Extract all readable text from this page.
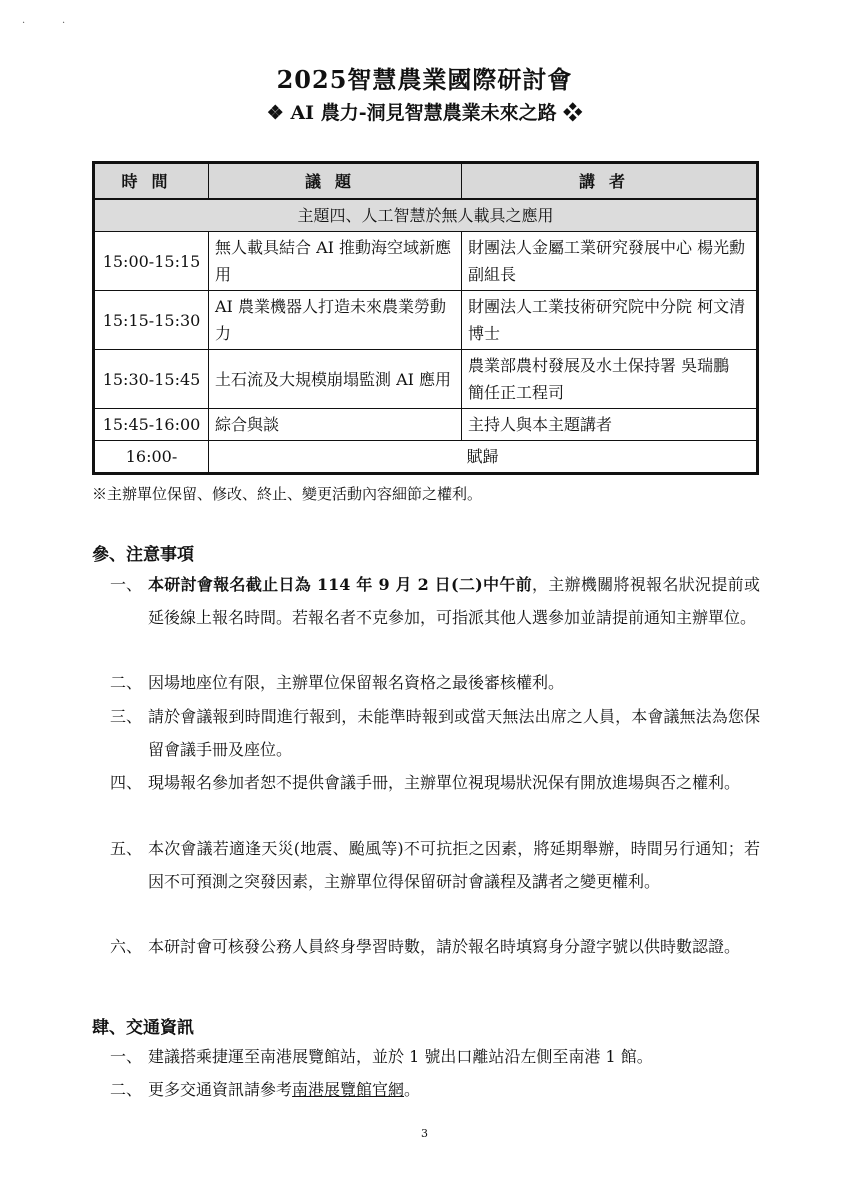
·	·
2025智慧農業國際研討會
❖ AI 農力-洞見智慧農業未來之路 ❖
時間	議題	講者
主題四、人工智慧於無人載具之應用		
15:00-15:15	無人載具結合 AI 推動海空域新應用	財團法人金屬工業研究發展中心 楊光勳　副組長
15:15-15:30	AI 農業機器人打造未來農業勞動力	財團法人工業技術研究院中分院 柯文清　博士
15:30-15:45	土石流及大規模崩塌監測 AI 應用	農業部農村發展及水土保持署 吳瑞鵬　簡任正工程司
15:45-16:00	綜合與談	主持人與本主題講者
16:00-	賦歸	
※主辦單位保留、修改、終止、變更活動內容細節之權利。
參、注意事項
一、 本研討會報名截止日為 114 年 9 月 2 日(二)中午前，主辦機關將視報名狀況提前或延後線上報名時間。若報名者不克參加，可指派其他人選參加並請提前通知主辦單位。
二、 因場地座位有限，主辦單位保留報名資格之最後審核權利。
三、 請於會議報到時間進行報到，未能準時報到或當天無法出席之人員，本會議無法為您保留會議手冊及座位。
四、 現場報名參加者恕不提供會議手冊，主辦單位視現場狀況保有開放進場與否之權利。
五、 本次會議若適逢天災(地震、颱風等)不可抗拒之因素，將延期舉辦，時間另行通知；若因不可預測之突發因素，主辦單位得保留研討會議程及講者之變更權利。
六、 本研討會可核發公務人員終身學習時數，請於報名時填寫身分證字號以供時數認證。
肆、交通資訊
一、 建議搭乘捷運至南港展覽館站，並於 1 號出口離站沿左側至南港 1 館。
二、 更多交通資訊請參考南港展覽館官網。
3
